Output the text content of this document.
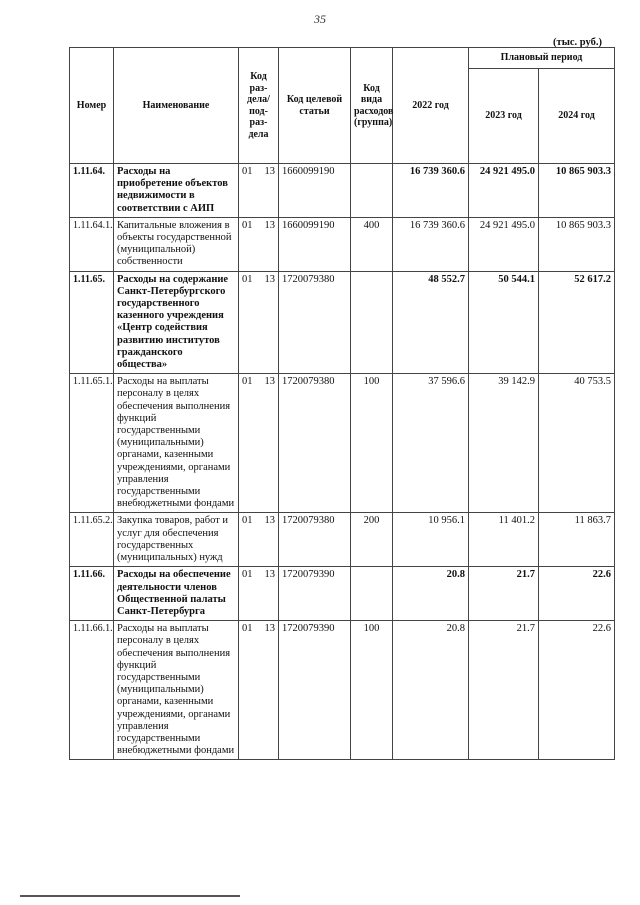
35
(тыс. руб.)
Номер	Наименование	Код раз- дела/ под- раз- дела	Код целевой статьи	Код вида расходов (группа)	2022 год	Плановый период	
						2023 год	2024 год
1.11.64.	Расходы на приобретение объектов недвижимости в соответствии с АИП	01 13	1660099190		16 739 360.6	24 921 495.0	10 865 903.3
1.11.64.1.	Капитальные вложения в объекты государственной (муниципальной) собственности	01 13	1660099190	400	16 739 360.6	24 921 495.0	10 865 903.3
1.11.65.	Расходы на содержание Санкт-Петербургского государственного казенного учреждения «Центр содействия развитию институтов гражданского общества»	01 13	1720079380		48 552.7	50 544.1	52 617.2
1.11.65.1.	Расходы на выплаты персоналу в целях обеспечения выполнения функций государственными (муниципальными) органами, казенными учреждениями, органами управления государственными внебюджетными фондами	01 13	1720079380	100	37 596.6	39 142.9	40 753.5
1.11.65.2.	Закупка товаров, работ и услуг для обеспечения государственных (муниципальных) нужд	01 13	1720079380	200	10 956.1	11 401.2	11 863.7
1.11.66.	Расходы на обеспечение деятельности членов Общественной палаты Санкт-Петербурга	01 13	1720079390		20.8	21.7	22.6
1.11.66.1.	Расходы на выплаты персоналу в целях обеспечения выполнения функций государственными (муниципальными) органами, казенными учреждениями, органами управления государственными внебюджетными фондами	01 13	1720079390	100	20.8	21.7	22.6
